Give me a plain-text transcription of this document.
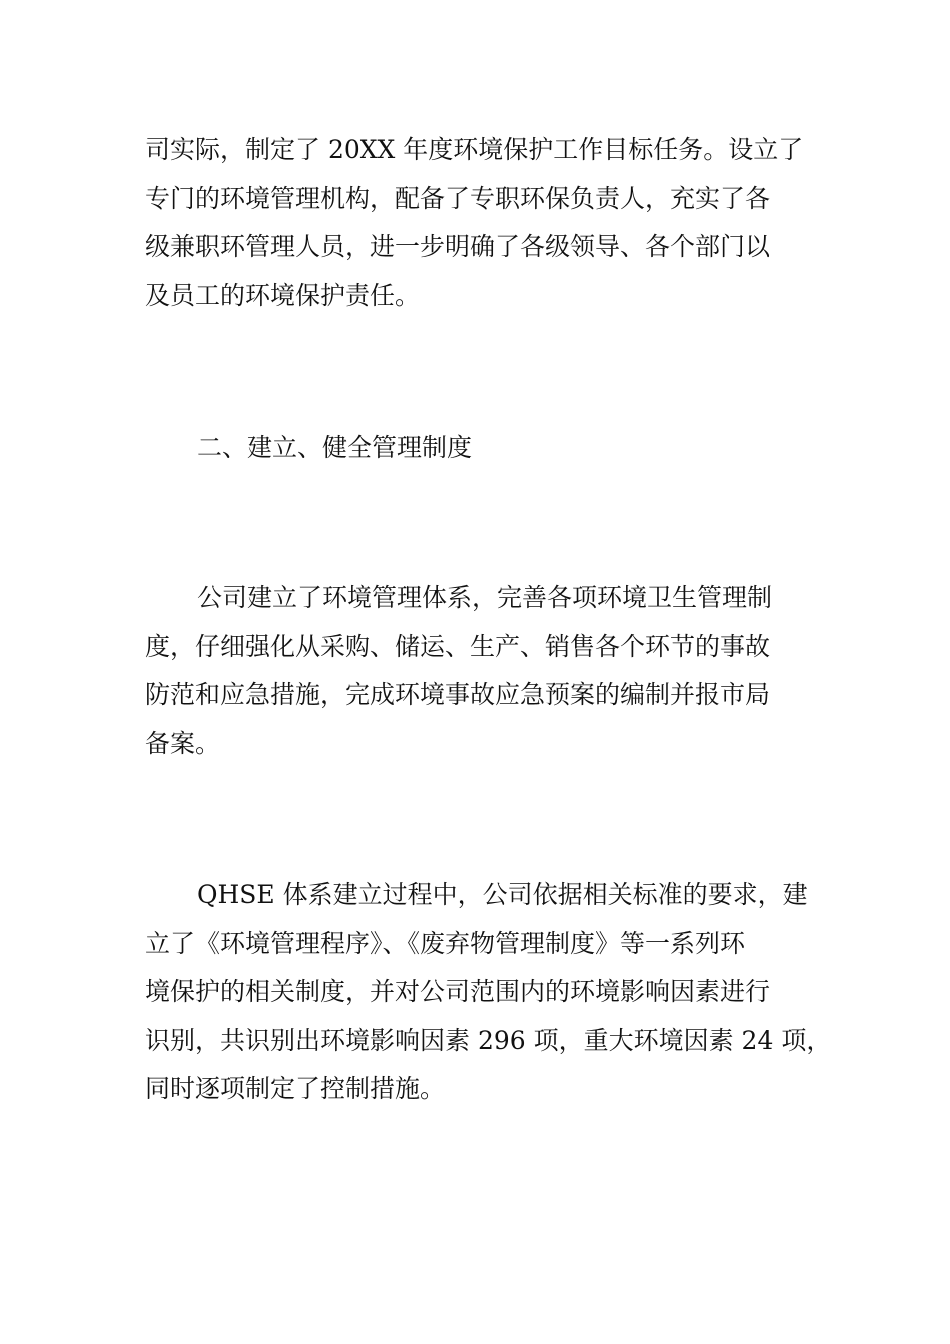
司实际，制定了 20XX 年度环境保护工作目标任务。设立了
专门的环境管理机构，配备了专职环保负责人，充实了各
级兼职环管理人员，进一步明确了各级领导、各个部门以
及员工的环境保护责任。
二、建立、健全管理制度
公司建立了环境管理体系，完善各项环境卫生管理制
度，仔细强化从采购、储运、生产、销售各个环节的事故
防范和应急措施，完成环境事故应急预案的编制并报市局
备案。
QHSE 体系建立过程中，公司依据相关标准的要求，建
立了《环境管理程序》、《废弃物管理制度》等一系列环
境保护的相关制度，并对公司范围内的环境影响因素进行
识别，共识别出环境影响因素 296 项，重大环境因素 24 项，
同时逐项制定了控制措施。
